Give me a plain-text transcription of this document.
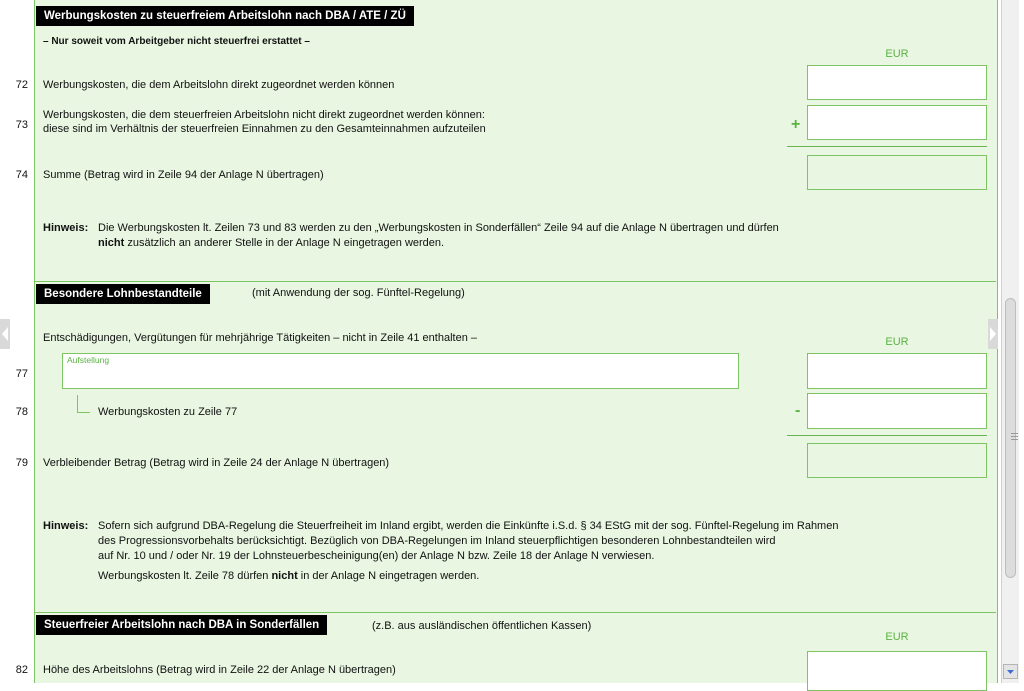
Werbungskosten zu steuerfreiem Arbeitslohn nach DBA / ATE / ZÜ
– Nur soweit vom Arbeitgeber nicht steuerfrei erstattet –
EUR
72 Werbungskosten, die dem Arbeitslohn direkt zugeordnet werden können
73
Werbungskosten, die dem steuerfreien Arbeitslohn nicht direkt zugeordnet werden können:
diese sind im Verhältnis der steuerfreien Einnahmen zu den Gesamteinnahmen aufzuteilen	+
74 Summe (Betrag wird in Zeile 94 der Anlage N übertragen)
Hinweis: Die Werbungskosten lt. Zeilen 73 und 83 werden zu den „Werbungskosten in Sonderfällen“ Zeile 94 auf die Anlage N übertragen und dürfen
nicht zusätzlich an anderer Stelle in der Anlage N eingetragen werden.
Besondere Lohnbestandteile	(mit Anwendung der sog. Fünftel-Regelung)
Entschädigungen, Vergütungen für mehrjährige Tätigkeiten – nicht in Zeile 41 enthalten –	EUR
77
Aufstellung
78	Werbungskosten zu Zeile 77	-
79 Verbleibender Betrag (Betrag wird in Zeile 24 der Anlage N übertragen)
Hinweis: Sofern sich aufgrund DBA-Regelung die Steuerfreiheit im Inland ergibt, werden die Einkünfte i.S.d. § 34 EStG mit der sog. Fünftel-Regelung im Rahmen
des Progressionsvorbehalts berücksichtigt. Bezüglich von DBA-Regelungen im Inland steuerpflichtigen besonderen Lohnbestandteilen wird
auf Nr. 10 und / oder Nr. 19 der Lohnsteuerbescheinigung(en) der Anlage N bzw. Zeile 18 der Anlage N verwiesen.
Werbungskosten lt. Zeile 78 dürfen nicht in der Anlage N eingetragen werden.
Steuerfreier Arbeitslohn nach DBA in Sonderfällen	(z.B. aus ausländischen öffentlichen Kassen)
EUR
82 Höhe des Arbeitslohns (Betrag wird in Zeile 22 der Anlage N übertragen)
